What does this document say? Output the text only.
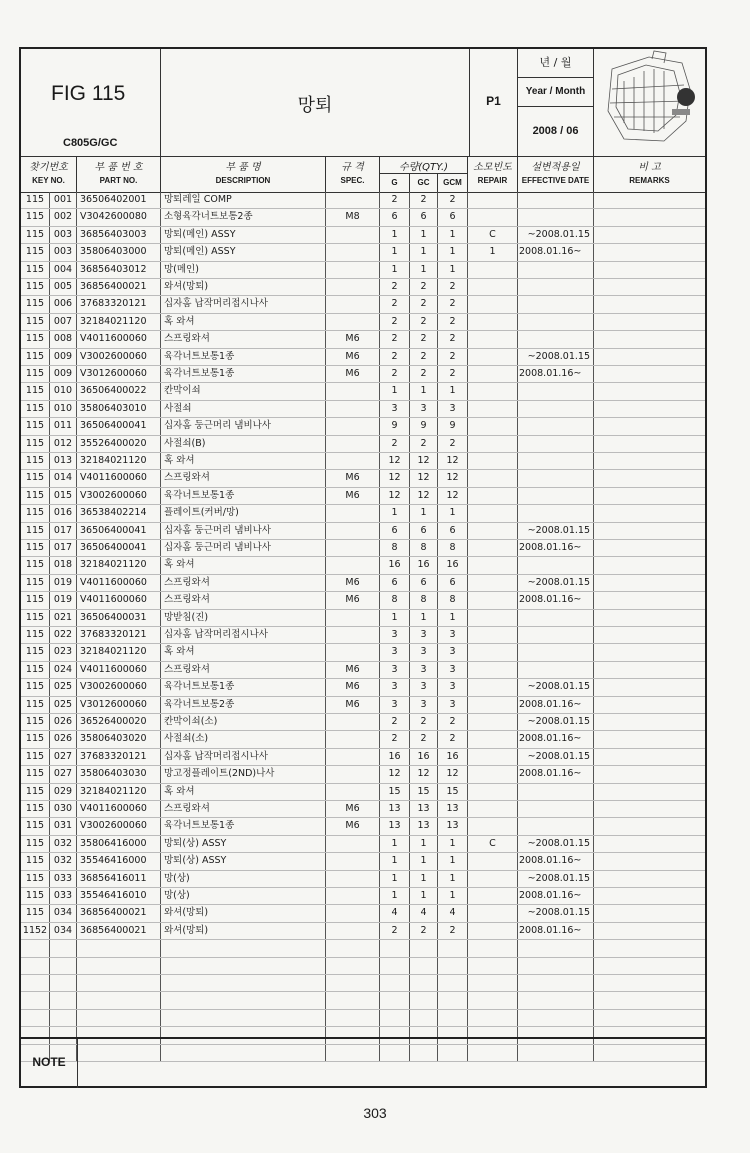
FIG 115
C805G/GC
망퇴	P1
년 / 월
Year / Month
2008 / 06
찾기번호
KEY NO.
부 품 번 호
PART NO.
부 품 명
DESCRIPTION
규 격
SPEC.
수량(QTY.)
G	GC	GCM
소모빈도
REPAIR
설변적용일
EFFECTIVE DATE
비 고
REMARKS
115	001 36506402001	망퇴레일 COMP	2	2	2
115	002 V3042600080	소형육각너트보통2종	M8	6	6	6
115	003 36856403003	망퇴(메인) ASSY	1	1	1	C	~2008.01.15
115	003 35806403000	망퇴(메인) ASSY	1	1	1	1	2008.01.16~
115	004 36856403012	망(메인)	1	1	1
115	005 36856400021	와셔(망퇴)	2	2	2
115	006 37683320121	십자홈 납작머리접시나사	2	2	2
115	007 32184021120	혹 와셔	2	2	2
115	008 V4011600060	스프링와셔	M6	2	2	2
115	009 V3002600060	육각너트보통1종	M6	2	2	2	~2008.01.15
115	009 V3012600060	육각너트보통1종	M6	2	2	2	2008.01.16~
115	010 36506400022	칸막이쇠	1	1	1
115	010 35806403010	사절쇠	3	3	3
115	011 36506400041	십자홈 둥근머리 냄비나사	9	9	9
115	012 35526400020	사절쇠(B)	2	2	2
115	013 32184021120	혹 와셔	12	12	12
115	014 V4011600060	스프링와셔	M6	12	12	12
115	015 V3002600060	육각너트보통1종	M6	12	12	12
115	016 36538402214	플레이트(커버/망)	1	1	1
115	017 36506400041	십자홈 둥근머리 냄비나사	6	6	6	~2008.01.15
115	017 36506400041	십자홈 둥근머리 냄비나사	8	8	8	2008.01.16~
115	018 32184021120	혹 와셔	16	16	16
115	019 V4011600060	스프링와셔	M6	6	6	6	~2008.01.15
115	019 V4011600060	스프링와셔	M6	8	8	8	2008.01.16~
115	021 36506400031	망받침(진)	1	1	1
115	022 37683320121	십자홈 납작머리접시나사	3	3	3
115	023 32184021120	혹 와셔	3	3	3
115	024 V4011600060	스프링와셔	M6	3	3	3
115	025 V3002600060	육각너트보통1종	M6	3	3	3	~2008.01.15
115	025 V3012600060	육각너트보통2종	M6	3	3	3	2008.01.16~
115	026 36526400020	칸막이쇠(소)	2	2	2	~2008.01.15
115	026 35806403020	사절쇠(소)	2	2	2	2008.01.16~
115	027 37683320121	십자홈 납작머리접시나사	16	16	16	~2008.01.15
115	027 35806403030	망고정플레이트(2ND)나사	12	12	12	2008.01.16~
115	029 32184021120	혹 와셔	15	15	15
115	030 V4011600060	스프링와셔	M6	13	13	13
115	031 V3002600060	육각너트보통1종	M6	13	13	13
115	032 35806416000	망퇴(상) ASSY	1	1	1	C	~2008.01.15
115	032 35546416000	망퇴(상) ASSY	1	1	1	2008.01.16~
115	033 36856416011	망(상)	1	1	1	~2008.01.15
115	033 35546416010	망(상)	1	1	1	2008.01.16~
115	034 36856400021	와셔(망퇴)	4	4	4	~2008.01.15
1152 034 36856400021	와셔(망퇴)	2	2	2	2008.01.16~
NOTE
303
